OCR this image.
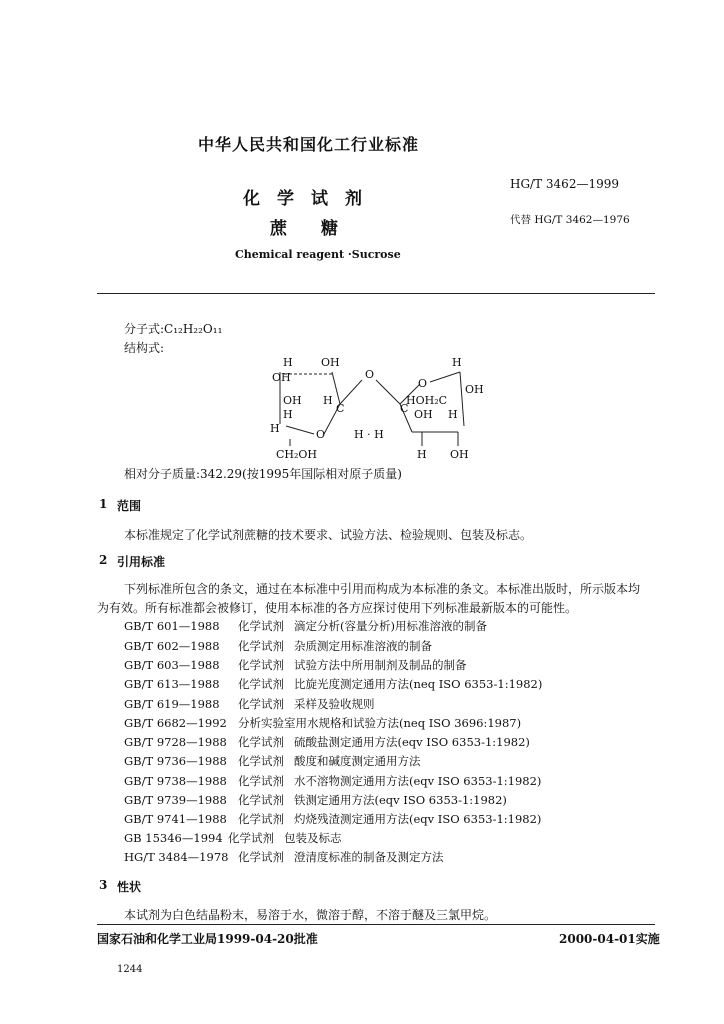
中华人民共和国化工行业标准
化　学　试　剂
HG/T 3462—1999
蔗　　糖	代替 HG/T 3462—1976
Chemical reagent ·Sucrose
分子式:C₁₂H₂₂O₁₁
结构式:
H	OH	H
OH	O
O	OH
OH H
C	C
HOH₂C
H	OH H
H	O	H · H
CH₂OH	H OH
相对分子质量:342.29(按1995年国际相对原子质量)
1 范围
本标准规定了化学试剂蔗糖的技术要求、试验方法、检验规则、包装及标志。
2 引用标准
下列标准所包含的条文，通过在本标准中引用而构成为本标准的条文。本标准出版时，所示版本均
为有效。所有标准都会被修订，使用本标准的各方应探讨使用下列标准最新版本的可能性。
GB/T 601—1988 化学试剂 滴定分析(容量分析)用标准溶液的制备
GB/T 602—1988 化学试剂 杂质测定用标准溶液的制备
GB/T 603—1988 化学试剂 试验方法中所用制剂及制品的制备
GB/T 613—1988 化学试剂 比旋光度测定通用方法(neq ISO 6353-1:1982)
GB/T 619—1988 化学试剂 采样及验收规则
GB/T 6682—1992 分析实验室用水规格和试验方法(neq ISO 3696:1987)
GB/T 9728—1988 化学试剂 硫酸盐测定通用方法(eqv ISO 6353-1:1982)
GB/T 9736—1988 化学试剂 酸度和碱度测定通用方法
GB/T 9738—1988 化学试剂 水不溶物测定通用方法(eqv ISO 6353-1:1982)
GB/T 9739—1988 化学试剂 铁测定通用方法(eqv ISO 6353-1:1982)
GB/T 9741—1988 化学试剂 灼烧残渣测定通用方法(eqv ISO 6353-1:1982)
GB 15346—1994 化学试剂 包装及标志
HG/T 3484—1978 化学试剂 澄清度标准的制备及测定方法
3 性状
本试剂为白色结晶粉末，易溶于水，微溶于醇，不溶于醚及三氯甲烷。
国家石油和化学工业局1999-04-20批准	2000-04-01实施
1244
